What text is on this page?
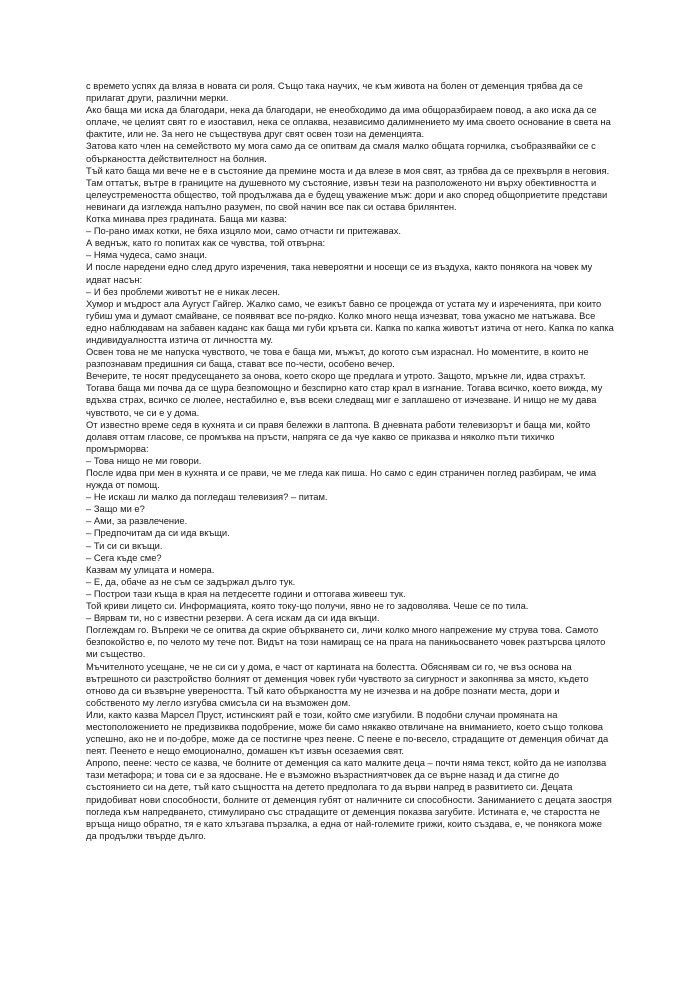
с времето успях да вляза в новата си роля. Също така научих, че към живота на болен от деменция трябва да се прилагат други, различни мерки.

Ако баща ми иска да благодари, нека да благодари, не енеобходимо да има общоразбираем повод, а ако иска да се оплаче, че целият свят го е изоставил, нека се оплаква, независимо далимнението му има своето основание в света на фактите, или не. За него не съществува друг свят освен този на деменцията.

Затова като член на семейството му мога само да се опитвам да смаля малко общата горчилка, съобразявайки се с объркаността действителност на болния.

Тъй като баща ми вече не е в състояние да премине моста и да влезе в моя свят, аз трябва да се прехвърля в неговия. Там оттатък, вътре в границите на душевното му състояние, извън тези на разположеното ни върху обективността и целеустремеността общество, той продължава да е будещ уважение мъж: дори и ако според общоприетите представи невинаги да изглежда напълно разумен, по свой начин все пак си остава брилянтен.

Котка минава през градината. Баща ми казва:

– По-рано имах котки, не бяха изцяло мои, само отчасти ги притежавах.

А веднъж, като го попитах как се чувства, той отвърна:

– Няма чудеса, само знаци.

И после наредени едно след друго изречения, така невероятни и носещи се из въздуха, както понякога на човек му идват насън:

– И без проблеми животът не е никак лесен.

Хумор и мъдрост ала Аугуст Гайгер. Жалко само, че езикът бавно се процежда от устата му и изреченията, при които губиш ума и думаот смайване, се появяват все по-рядко. Колко много неща изчезват, това ужасно ме натъжава. Все едно наблюдавам на забавен каданс как баща ми губи кръвта си. Капка по капка животът изтича от него. Капка по капка индивидуалността изтича от личността му.

Освен това не ме напуска чувството, че това е баща ми, мъжът, до когото съм израснал. Но моментите, в които не разпознавам предишния си баща, стават все по-чести, особено вечер.

Вечерите, те носят предусещането за онова, което скоро ще предлага и утрото. Защото, мръкне ли, идва страхът. Тогава баща ми почва да се щура безпомощно и безспирно като стар крал в изгнание. Тогава всичко, което вижда, му вдъхва страх, всичко се люлее, нестабилно е, във всеки следващ миг е заплашено от изчезване. И нищо не му дава чувството, че си е у дома.

От известно време седя в кухнята и си правя бележки в лаптопа. В дневната работи телевизорът и баща ми, който долавя оттам гласове, се промъква на пръсти, напряга се да чуе какво се приказва и няколко пъти тихичко промърморва:

– Това нищо не ми говори.

После идва при мен в кухнята и се прави, че ме гледа как пиша. Но само с един страничен поглед разбирам, че има нужда от помощ.

– Не искаш ли малко да погледаш телевизия? – питам.

– Защо ми е?

– Ами, за развлечение.

– Предпочитам да си ида вкъщи.

– Ти си си вкъщи.

– Сега къде сме?

Казвам му улицата и номера.

– Е, да, обаче аз не съм се задържал дълго тук.

– Построи тази къща в края на петдесетте години и оттогава живееш тук.

Той криви лицето си. Информацията, която току-що получи, явно не го задоволява. Чеше се по тила.

– Вярвам ти, но с известни резерви. А сега искам да си ида вкъщи.

Поглеждам го. Въпреки че се опитва да скрие объркването си, личи колко много напрежение му струва това. Самото безпокойство е, по челото му тече пот. Видът на този намиращ се на прага на паникьосването човек разтърсва цялото ми същество.

Мъчителното усещане, че не си си у дома, е част от картината на болестта. Обяснявам си го, че въз основа на вътрешното си разстройство болният от деменция човек губи чувството за сигурност и закопнява за място, където отново да си възвърне увереността. Тъй като объркаността му не изчезва и на добре познати места, дори и собственото му легло изгубва смисъла си на възможен дом.

Или, както казва Марсел Пруст, истинският рай е този, който сме изгубили. В подобни случаи промяната на местоположението не предизвиква подобрение, може би само някакво отвличане на вниманието, което също толкова успешно, ако не и по-добре, може да се постигне чрез пеене. С пеене е по-весело, страдащите от деменция обичат да пеят. Пеенето е нещо емоционално, домашен кът извън осезаемия свят.

Апропо, пеене: често се казва, че болните от деменция са като малките деца – почти няма текст, който да не използва тази метафора; и това си е за ядосване. Не е възможно възрастниятчовек да се върне назад и да стигне до състоянието си на дете, тъй като същността на детето предполага то да върви напред в развитието си. Децата придобиват нови способности, болните от деменция губят от наличните си способности. Заниманието с децата заостря погледа към напредването, стимулирано със страдащите от деменция показва загубите. Истината е, че старостта не връща нищо обратно, тя е като хлъзгава пързалка, а една от най-големите грижи, които създава, е, че понякога може да продължи твърде дълго.
